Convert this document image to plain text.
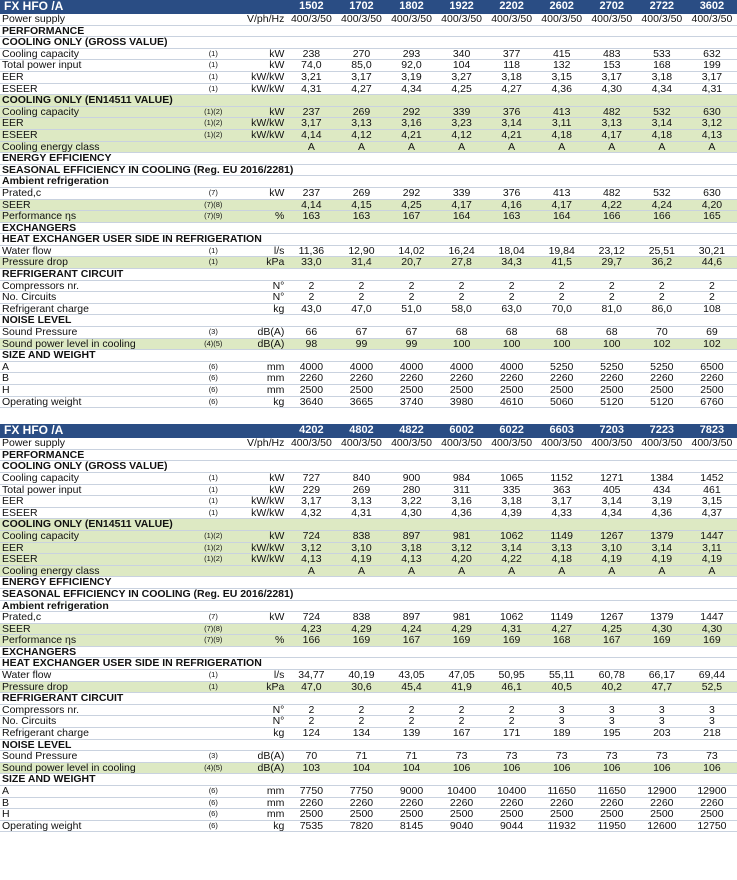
FX HFO /A			1502	1702	1802	1922	2202	2602	2702	2722	3602
Power supply		V/ph/Hz	400/3/50	400/3/50	400/3/50	400/3/50	400/3/50	400/3/50	400/3/50	400/3/50	400/3/50
PERFORMANCE											
COOLING ONLY (GROSS VALUE)											
Cooling capacity	(1)	kW	238	270	293	340	377	415	483	533	632
Total power input	(1)	kW	74,0	85,0	92,0	104	118	132	153	168	199
EER	(1)	kW/kW	3,21	3,17	3,19	3,27	3,18	3,15	3,17	3,18	3,17
ESEER	(1)	kW/kW	4,31	4,27	4,34	4,25	4,27	4,36	4,30	4,34	4,31
COOLING ONLY (EN14511 VALUE)											
Cooling capacity	(1)(2)	kW	237	269	292	339	376	413	482	532	630
EER	(1)(2)	kW/kW	3,17	3,13	3,16	3,23	3,14	3,11	3,13	3,14	3,12
ESEER	(1)(2)	kW/kW	4,14	4,12	4,21	4,12	4,21	4,18	4,17	4,18	4,13
Cooling energy class			A	A	A	A	A	A	A	A	A
ENERGY EFFICIENCY											
SEASONAL EFFICIENCY IN COOLING (Reg. EU 2016/2281)											
Ambient refrigeration											
Prated,c	(7)	kW	237	269	292	339	376	413	482	532	630
SEER	(7)(8)		4,14	4,15	4,25	4,17	4,16	4,17	4,22	4,24	4,20
Performance ηs	(7)(9)	%	163	163	167	164	163	164	166	166	165
EXCHANGERS											
HEAT EXCHANGER USER SIDE IN REFRIGERATION											
Water flow	(1)	l/s	11,36	12,90	14,02	16,24	18,04	19,84	23,12	25,51	30,21
Pressure drop	(1)	kPa	33,0	31,4	20,7	27,8	34,3	41,5	29,7	36,2	44,6
REFRIGERANT CIRCUIT											
Compressors nr.		N°	2	2	2	2	2	2	2	2	2
No. Circuits		N°	2	2	2	2	2	2	2	2	2
Refrigerant charge		kg	43,0	47,0	51,0	58,0	63,0	70,0	81,0	86,0	108
NOISE LEVEL											
Sound Pressure	(3)	dB(A)	66	67	67	68	68	68	68	70	69
Sound power level in cooling	(4)(5)	dB(A)	98	99	99	100	100	100	100	102	102
SIZE AND WEIGHT											
A	(6)	mm	4000	4000	4000	4000	4000	5250	5250	5250	6500
B	(6)	mm	2260	2260	2260	2260	2260	2260	2260	2260	2260
H	(6)	mm	2500	2500	2500	2500	2500	2500	2500	2500	2500
Operating weight	(6)	kg	3640	3665	3740	3980	4610	5060	5120	5120	6760
FX HFO /A			4202	4802	4822	6002	6022	6603	7203	7223	7823
Power supply		V/ph/Hz	400/3/50	400/3/50	400/3/50	400/3/50	400/3/50	400/3/50	400/3/50	400/3/50	400/3/50
PERFORMANCE											
COOLING ONLY (GROSS VALUE)											
Cooling capacity	(1)	kW	727	840	900	984	1065	1152	1271	1384	1452
Total power input	(1)	kW	229	269	280	311	335	363	405	434	461
EER	(1)	kW/kW	3,17	3,13	3,22	3,16	3,18	3,17	3,14	3,19	3,15
ESEER	(1)	kW/kW	4,32	4,31	4,30	4,36	4,39	4,33	4,34	4,36	4,37
COOLING ONLY (EN14511 VALUE)											
Cooling capacity	(1)(2)	kW	724	838	897	981	1062	1149	1267	1379	1447
EER	(1)(2)	kW/kW	3,12	3,10	3,18	3,12	3,14	3,13	3,10	3,14	3,11
ESEER	(1)(2)	kW/kW	4,13	4,19	4,13	4,20	4,22	4,18	4,19	4,19	4,19
Cooling energy class			A	A	A	A	A	A	A	A	A
ENERGY EFFICIENCY											
SEASONAL EFFICIENCY IN COOLING (Reg. EU 2016/2281)											
Ambient refrigeration											
Prated,c	(7)	kW	724	838	897	981	1062	1149	1267	1379	1447
SEER	(7)(8)		4,23	4,29	4,24	4,29	4,31	4,27	4,25	4,30	4,30
Performance ηs	(7)(9)	%	166	169	167	169	169	168	167	169	169
EXCHANGERS											
HEAT EXCHANGER USER SIDE IN REFRIGERATION											
Water flow	(1)	l/s	34,77	40,19	43,05	47,05	50,95	55,11	60,78	66,17	69,44
Pressure drop	(1)	kPa	47,0	30,6	45,4	41,9	46,1	40,5	40,2	47,7	52,5
REFRIGERANT CIRCUIT											
Compressors nr.		N°	2	2	2	2	2	3	3	3	3
No. Circuits		N°	2	2	2	2	2	3	3	3	3
Refrigerant charge		kg	124	134	139	167	171	189	195	203	218
NOISE LEVEL											
Sound Pressure	(3)	dB(A)	70	71	71	73	73	73	73	73	73
Sound power level in cooling	(4)(5)	dB(A)	103	104	104	106	106	106	106	106	106
SIZE AND WEIGHT											
A	(6)	mm	7750	7750	9000	10400	10400	11650	11650	12900	12900
B	(6)	mm	2260	2260	2260	2260	2260	2260	2260	2260	2260
H	(6)	mm	2500	2500	2500	2500	2500	2500	2500	2500	2500
Operating weight	(6)	kg	7535	7820	8145	9040	9044	11932	11950	12600	12750
